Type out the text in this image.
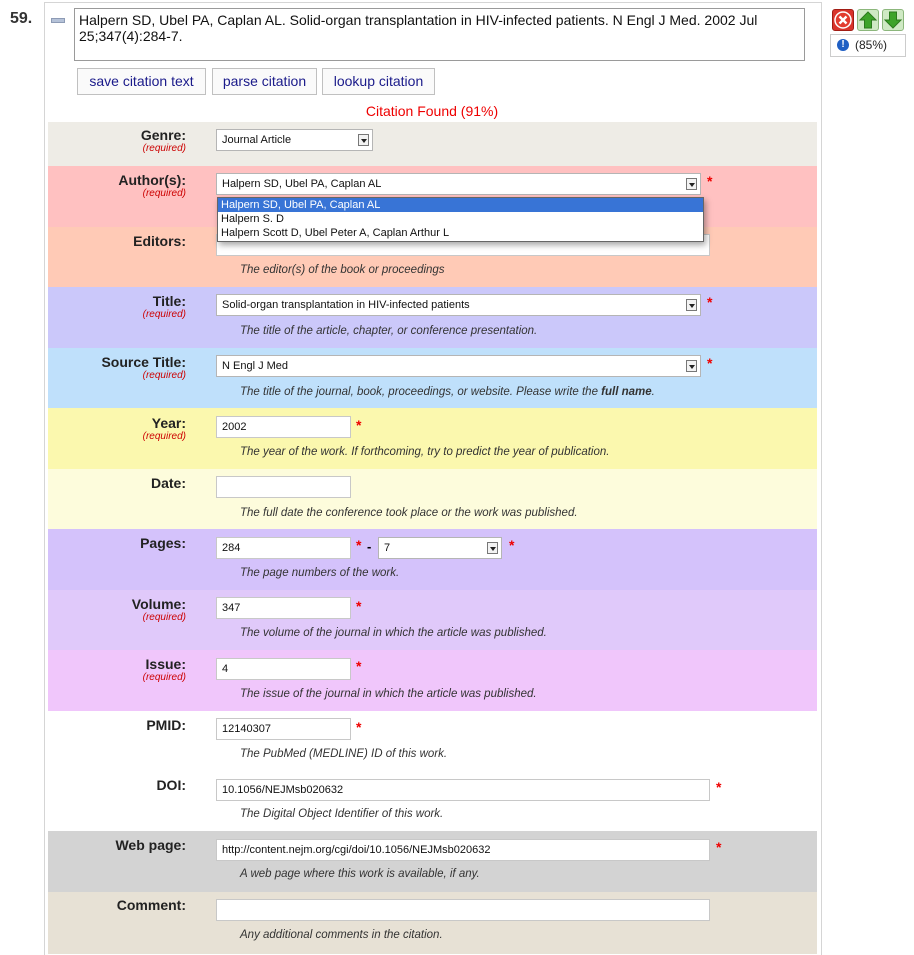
59.	Halpern SD, Ubel PA, Caplan AL. Solid-organ transplantation in HIV-infected patients. N Engl J Med. 2002 Jul 25;347(4):284-7.
! (85%)
save citation text	parse citation	lookup citation
Citation Found (91%)
Genre:
(required)
Journal Article
Author(s):
(required)
Halpern SD, Ubel PA, Caplan AL	*
Editors:
The editor(s) of the book or proceedings
Title:
(required)
Solid-organ transplantation in HIV-infected patients	*
The title of the article, chapter, or conference presentation.
Source Title:
(required)
N Engl J Med	*
The title of the journal, book, proceedings, or website. Please write the full name.
Year:
(required)
2002	*
The year of the work. If forthcoming, try to predict the year of publication.
Date:
The full date the conference took place or the work was published.
Pages:	284	* -	7	*
The page numbers of the work.
Volume:
(required)
347	*
The volume of the journal in which the article was published.
Issue:
(required)
4	*
The issue of the journal in which the article was published.
PMID:	12140307	*
The PubMed (MEDLINE) ID of this work.
DOI:	10.1056/NEJMsb020632	*
The Digital Object Identifier of this work.
Web page:	http://content.nejm.org/cgi/doi/10.1056/NEJMsb020632	*
A web page where this work is available, if any.
Comment:
Any additional comments in the citation.
Halpern SD, Ubel PA, Caplan AL
Halpern S. D
Halpern Scott D, Ubel Peter A, Caplan Arthur L
